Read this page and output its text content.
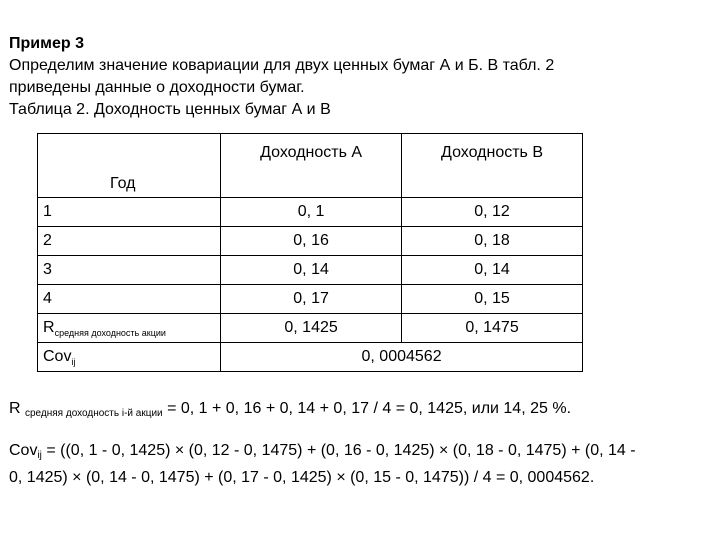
Пример 3
Определим значение ковариации для двух ценных бумаг А и Б. В табл. 2
приведены данные о доходности бумаг.
Таблица 2. Доходность ценных бумаг А и В
Год	Доходность А	Доходность В
1	0, 1	0, 12
2	0, 16	0, 18
3	0, 14	0, 14
4	0, 17	0, 15
$R_{средняя доходность акции}$	0, 1425	0, 1475
Cov$_{ij}$	0, 0004562	
R средняя доходность i-й акции = 0, 1 + 0, 16 + 0, 14 + 0, 17 / 4 = 0, 1425, или 14, 25 %.
Covij = ((0, 1 - 0, 1425) × (0, 12 - 0, 1475) + (0, 16 - 0, 1425) × (0, 18 - 0, 1475) + (0, 14 -
0, 1425) × (0, 14 - 0, 1475) + (0, 17 - 0, 1425) × (0, 15 - 0, 1475)) / 4 = 0, 0004562.
